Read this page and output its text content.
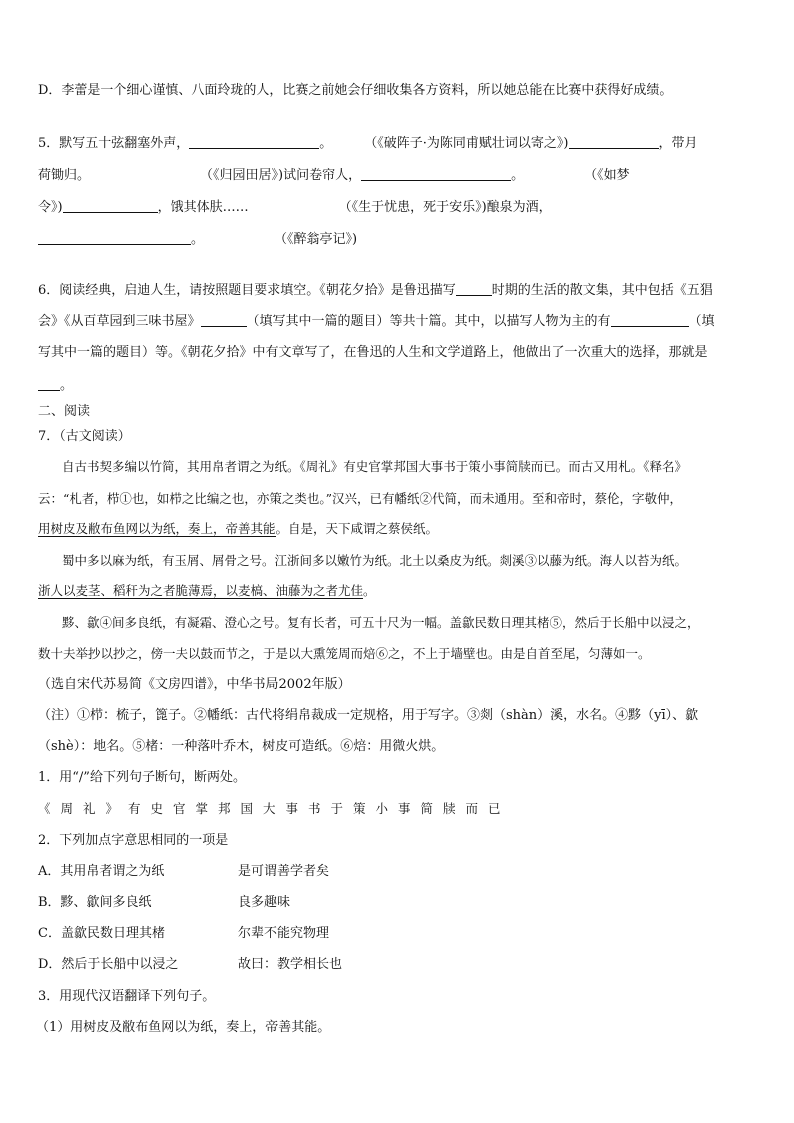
D．李蕾是一个细心谨慎、八面玲珑的人，比赛之前她会仔细收集各方资料，所以她总能在比赛中获得好成绩。
5．默写五十弦翻塞外声，	。 （《破阵子·为陈同甫赋壮词以寄之》)	，带月
荷锄归。	（《归园田居》)试问卷帘人，	。	（《如梦
令》)	，饿其体肤……	（《生于忧患，死于安乐》)酿泉为酒，
。	（《醉翁亭记》)
6．阅读经典，启迪人生，请按照题目要求填空。《朝花夕拾》是鲁迅描写	时期的生活的散文集，其中包括《五猖
会》《从百草园到三味书屋》	（填写其中一篇的题目）等共十篇。其中，以描写人物为主的有	（填
写其中一篇的题目）等。《朝花夕拾》中有文章写了，在鲁迅的人生和文学道路上，他做出了一次重大的选择，那就是
。
二、阅读
7．（古文阅读）
自古书契多编以竹简，其用帛者谓之为纸。《周礼》有史官掌邦国大事书于策小事简牍而已。而古又用札。《释名》
云：“札者，栉①也，如栉之比编之也，亦策之类也。”汉兴，已有幡纸②代简，而未通用。至和帝时，蔡伦，字敬仲，
用树皮及敝布鱼网以为纸，奏上，帝善其能。自是，天下咸谓之蔡侯纸。
蜀中多以麻为纸，有玉屑、屑骨之号。江浙间多以嫩竹为纸。北土以桑皮为纸。剡溪③以藤为纸。海人以苔为纸。
浙人以麦茎、稻秆为之者脆薄焉，以麦槁、油藤为之者尤佳。
黟、歙④间多良纸，有凝霜、澄心之号。复有长者，可五十尺为一幅。盖歙民数日理其楮⑤，然后于长船中以浸之，
数十夫举抄以抄之，傍一夫以鼓而节之，于是以大熏笼周而焙⑥之，不上于墙壁也。由是自首至尾，匀薄如一。
（选自宋代苏易简《文房四谱》，中华书局2002年版）
（注）①栉：梳子，篦子。②幡纸：古代将绢帛裁成一定规格，用于写字。③剡（shàn）溪，水名。④黟（yī）、歙
（shè）：地名。⑤楮：一种落叶乔木，树皮可造纸。⑥焙：用微火烘。
1．用“/”给下列句子断句，断两处。
《周礼》有史官掌邦国大事书于策小事简牍而已
2．下列加点字意思相同的一项是
A．其用帛者谓之为纸	是可谓善学者矣
B．黟、歙间多良纸	良多趣味
C．盖歙民数日理其楮	尔辈不能究物理
D．然后于长船中以浸之	故曰：教学相长也
3．用现代汉语翻译下列句子。
（1）用树皮及敝布鱼网以为纸，奏上，帝善其能。
